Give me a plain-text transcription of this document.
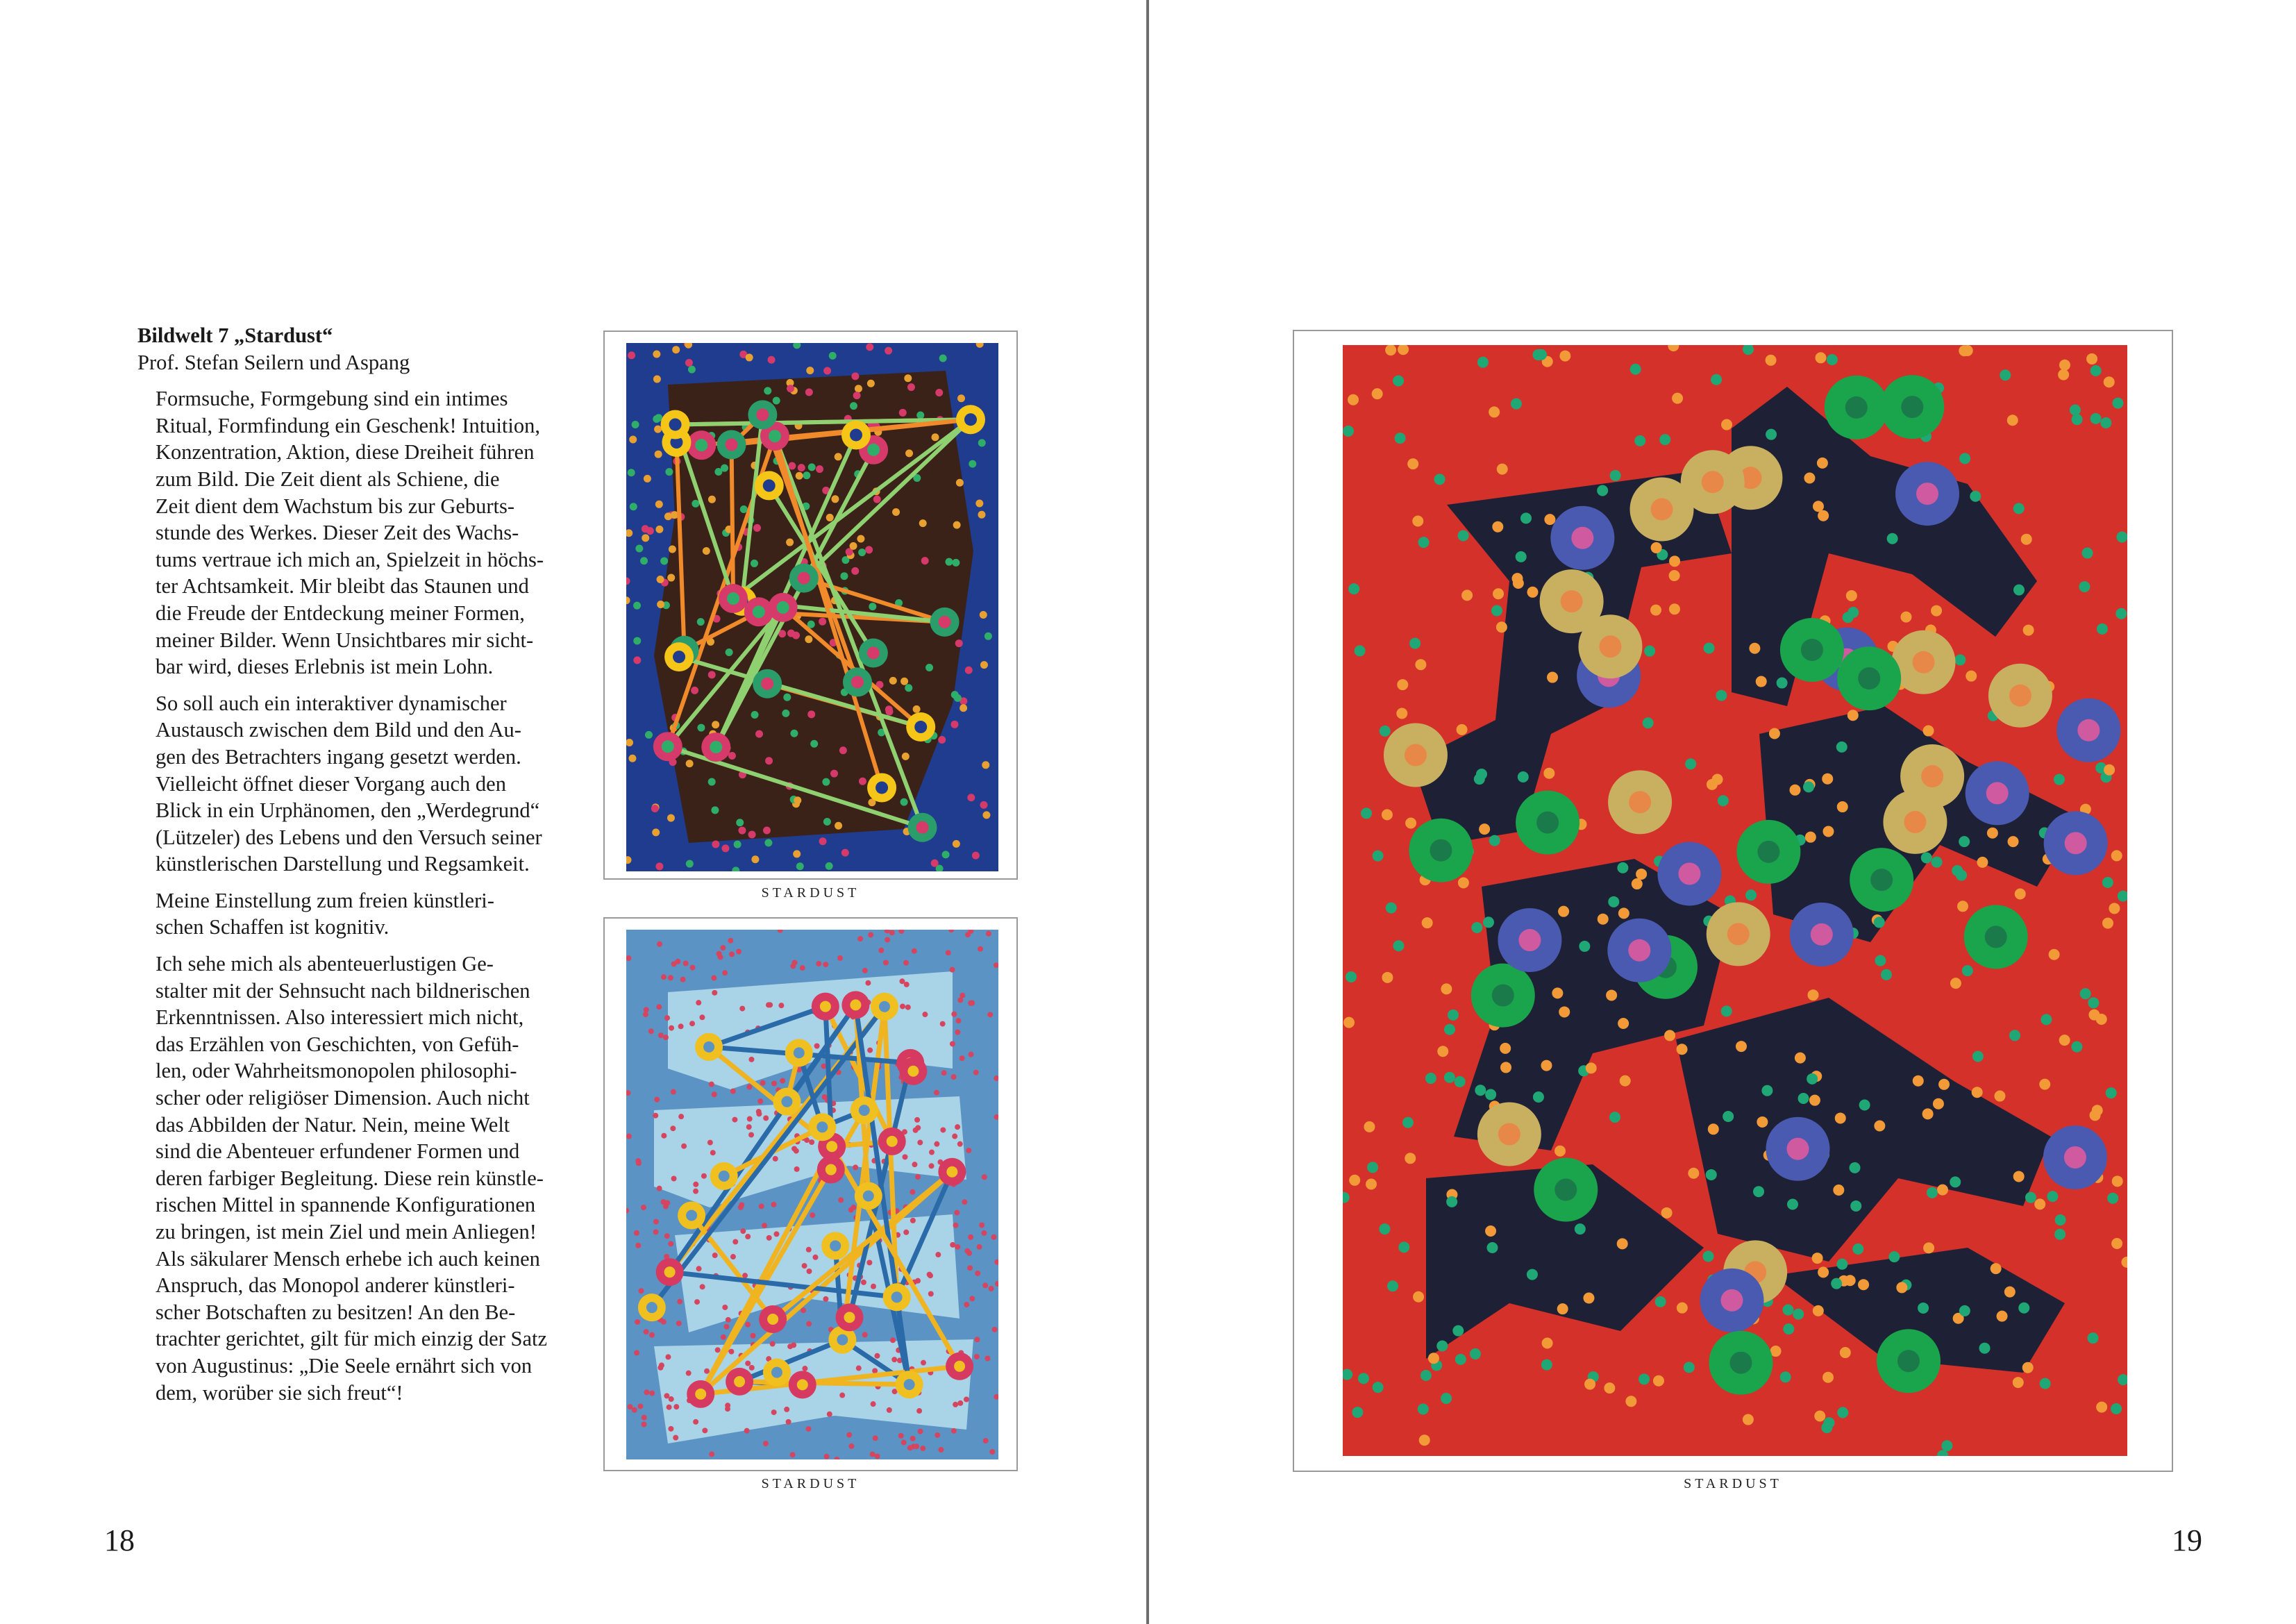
Bildwelt 7 „Stardust“
Prof. Stefan Seilern und Aspang

Formsuche, Formgebung sind ein intimes
Ritual, Formfindung ein Geschenk! Intuition,
Konzentration, Aktion, diese Dreiheit führen
zum Bild. Die Zeit dient als Schiene, die
Zeit dient dem Wachstum bis zur Geburts-
stunde des Werkes. Dieser Zeit des Wachs-
tums vertraue ich mich an, Spielzeit in höchs-
ter Achtsamkeit. Mir bleibt das Staunen und
die Freude der Entdeckung meiner Formen,
meiner Bilder. Wenn Unsichtbares mir sicht-
bar wird, dieses Erlebnis ist mein Lohn.

So soll auch ein interaktiver dynamischer
Austausch zwischen dem Bild und den Au-
gen des Betrachters ingang gesetzt werden.
Vielleicht öffnet dieser Vorgang auch den
Blick in ein Urphänomen, den „Werdegrund“
(Lützeler) des Lebens und den Versuch seiner
künstlerischen Darstellung und Regsamkeit.

Meine Einstellung zum freien künstleri-
schen Schaffen ist kognitiv.

Ich sehe mich als abenteuerlustigen Ge-
stalter mit der Sehnsucht nach bildnerischen
Erkenntnissen. Also interessiert mich nicht,
das Erzählen von Geschichten, von Gefüh-
len, oder Wahrheitsmonopolen philosophi-
scher oder religiöser Dimension. Auch nicht
das Abbilden der Natur. Nein, meine Welt
sind die Abenteuer erfundener Formen und
deren farbiger Begleitung. Diese rein künstle-
rischen Mittel in spannende Konfigurationen
zu bringen, ist mein Ziel und mein Anliegen!
Als säkularer Mensch erhebe ich auch keinen
Anspruch, das Monopol anderer künstleri-
scher Botschaften zu besitzen! An den Be-
trachter gerichtet, gilt für mich einzig der Satz
von Augustinus: „Die Seele ernährt sich von
dem, worüber sie sich freut“!

STARDUST
STARDUST	STARDUST
18	19
